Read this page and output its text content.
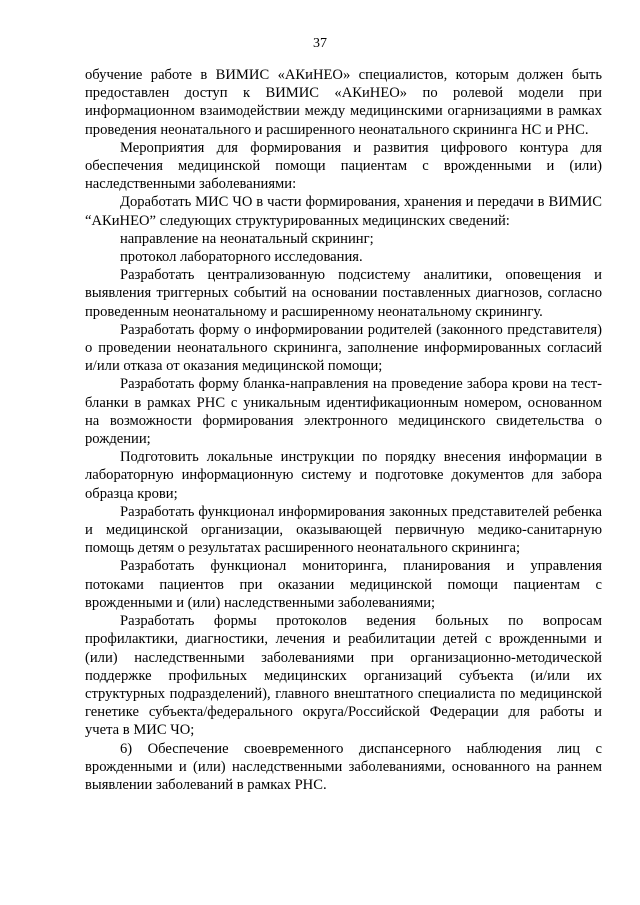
37

обучение работе в ВИМИС «АКиНЕО» специалистов, которым должен быть предоставлен доступ к ВИМИС «АКиНЕО» по ролевой модели при информационном взаимодействии между медицинскими огарнизациями в рамках проведения неонатального и расширенного неонатального скрининга НС и РНС.

Мероприятия для формирования и развития цифрового контура для обеспечения медицинской помощи пациентам с врожденными и (или) наследственными заболеваниями:

Доработать МИС ЧО в части формирования, хранения и передачи в ВИМИС “АКиНЕО” следующих структурированных медицинских сведений:

направление на неонатальный скрининг;

протокол лабораторного исследования.

Разработать централизованную подсистему аналитики, оповещения и выявления триггерных событий на основании поставленных диагнозов, согласно проведенным неонатальному и расширенному неонатальному скринингу.

Разработать форму о информировании родителей (законного представителя) о проведении неонатального скрининга, заполнение информированных согласий и/или отказа от оказания медицинской помощи;

Разработать форму бланка-направления на проведение забора крови на тест-бланки в рамках РНС с уникальным идентификационным номером, основанном на возможности формирования электронного медицинского свидетельства о рождении;

Подготовить локальные инструкции по порядку внесения информации в лабораторную информационную систему и подготовке документов для забора образца крови;

Разработать функционал информирования законных представителей ребенка и медицинской организации, оказывающей первичную медико-санитарную помощь детям о результатах расширенного неонатального скрининга;

Разработать функционал мониторинга, планирования и управления потоками пациентов при оказании медицинской помощи пациентам с врожденными и (или) наследственными заболеваниями;

Разработать формы протоколов ведения больных по вопросам профилактики, диагностики, лечения и реабилитации детей с врожденными и (или) наследственными заболеваниями при организационно-методической поддержке профильных медицинских организаций субъекта (и/или их структурных подразделений), главного внештатного специалиста по медицинской генетике субъекта/федерального округа/Российской Федерации для работы и учета в МИС ЧО;

6) Обеспечение своевременного диспансерного наблюдения лиц с врожденными и (или) наследственными заболеваниями, основанного на раннем выявлении заболеваний в рамках РНС.
